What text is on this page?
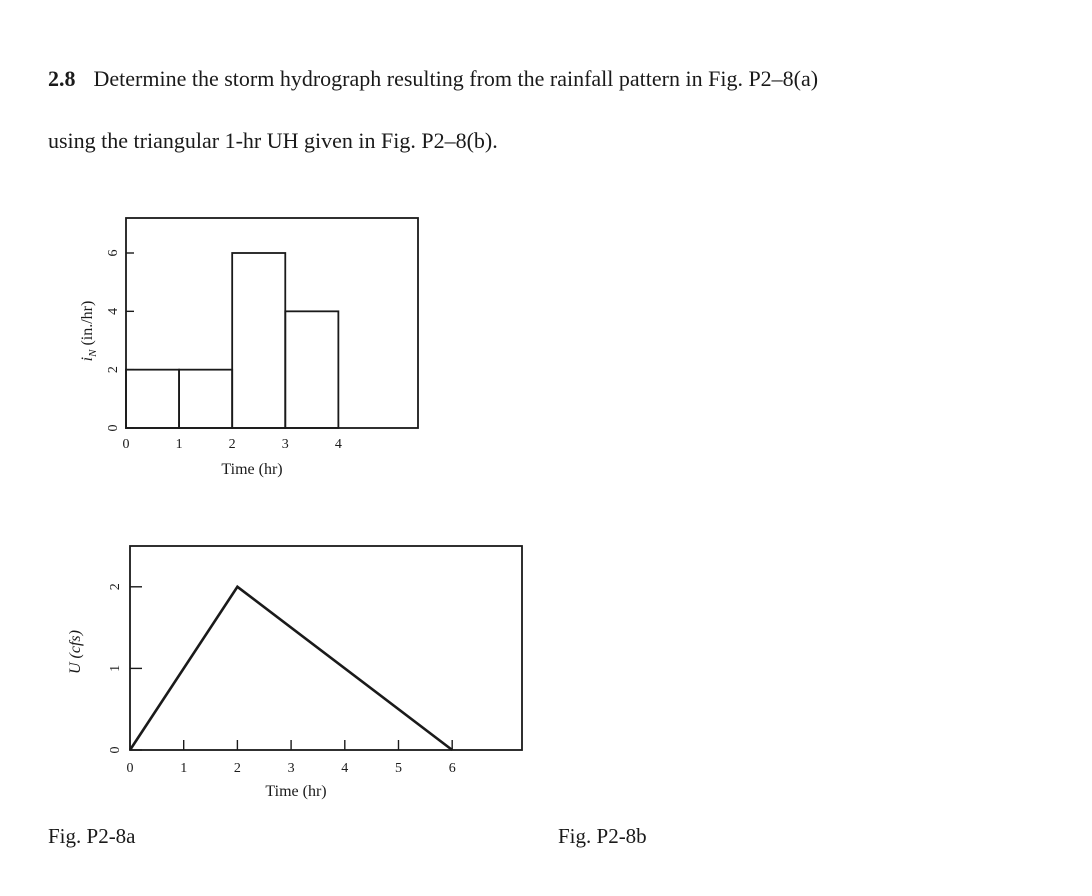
2.8 Determine the storm hydrograph resulting from the rainfall pattern in Fig. P2–8(a)
using the triangular 1-hr UH given in Fig. P2–8(b).
0	1	2	3	4
0
2
4
6
Time (hr)
$i_N$ (in./hr)
0	1	2	3	4	5	6
0
1
2
Time (hr)
U (cfs)
Fig. P2-8a	Fig. P2-8b
